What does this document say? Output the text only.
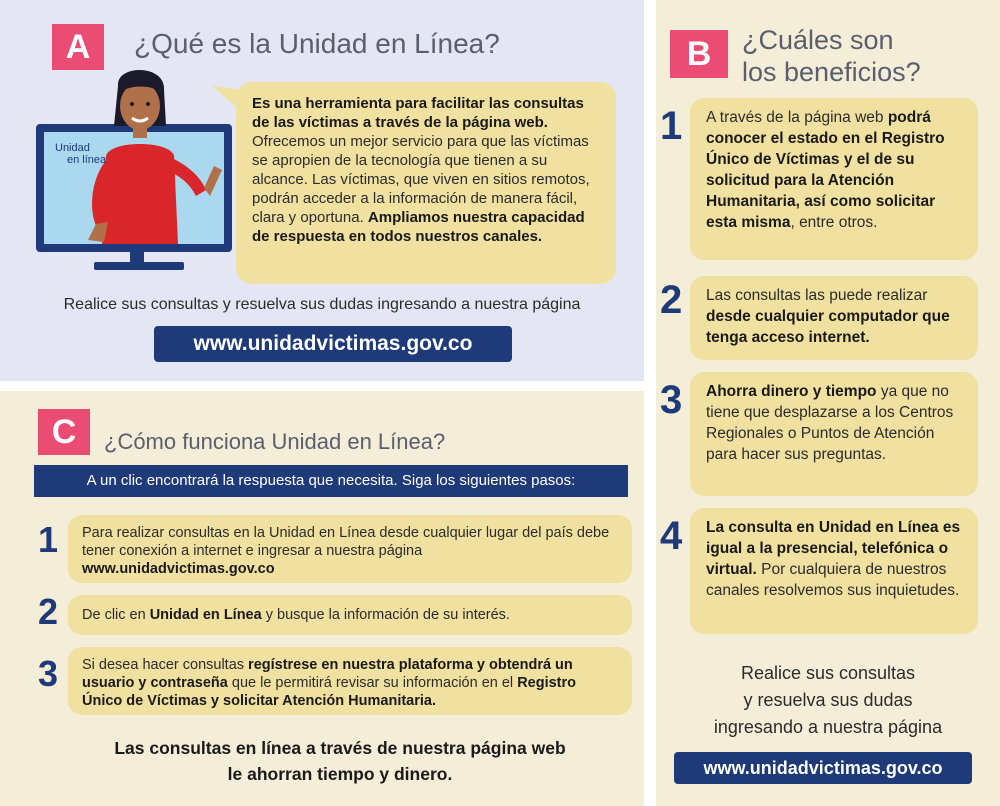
A	¿Qué es la Unidad en Línea?
Unidad
en línea
Es una herramienta para facilitar las consultas de las víctimas a través de la página web. Ofrecemos un mejor servicio para que las víctimas se apropien de la tecnología que tienen a su alcance. Las víctimas, que viven en sitios remotos, podrán acceder a la información de manera fácil, clara y oportuna. Ampliamos nuestra capacidad de respuesta en todos nuestros canales.
Realice sus consultas y resuelva sus dudas ingresando a nuestra página
www.unidadvictimas.gov.co
B	¿Cuáles son
los beneficios?
1	A través de la página web podrá conocer el estado en el Registro Único de Víctimas y el de su solicitud para la Atención Humanitaria, así como solicitar esta misma, entre otros.
2	Las consultas las puede realizar desde cualquier computador que tenga acceso internet.
3	Ahorra dinero y tiempo ya que no tiene que desplazarse a los Centros Regionales o Puntos de Atención para hacer sus preguntas.
4	La consulta en Unidad en Línea es igual a la presencial, telefónica o virtual. Por cualquiera de nuestros canales resolvemos sus inquietudes.
Realice sus consultas
y resuelva sus dudas
ingresando a nuestra página
www.unidadvictimas.gov.co
C	¿Cómo funciona Unidad en Línea?
A un clic encontrará la respuesta que necesita. Siga los siguientes pasos:
1	Para realizar consultas en la Unidad en Línea desde cualquier lugar del país debe tener conexión a internet e ingresar a nuestra página www.unidadvictimas.gov.co
2	De clic en Unidad en Línea y busque la información de su interés.
3	Si desea hacer consultas regístrese en nuestra plataforma y obtendrá un usuario y contraseña que le permitirá revisar su información en el Registro Único de Víctimas y solicitar Atención Humanitaria.
Las consultas en línea a través de nuestra página web
le ahorran tiempo y dinero.
